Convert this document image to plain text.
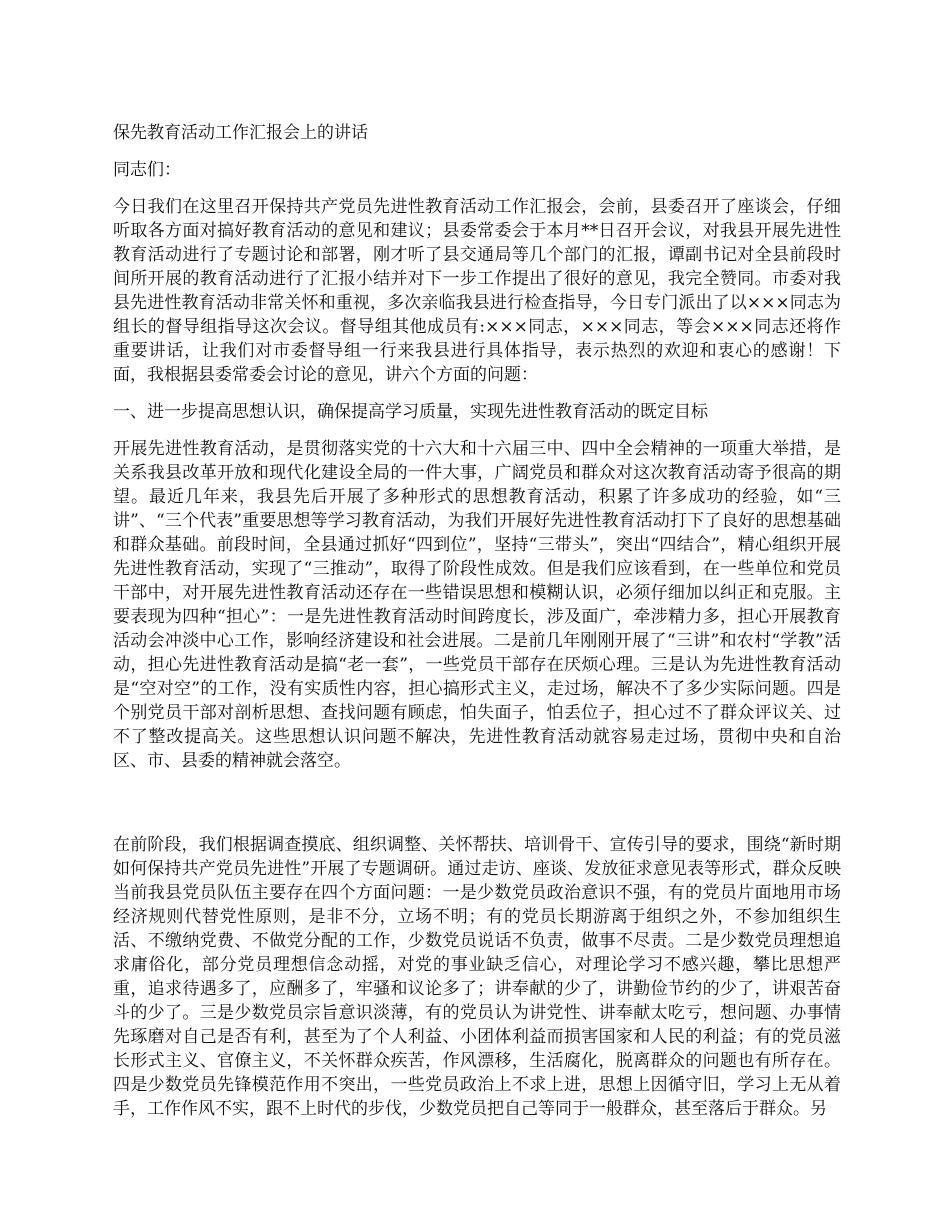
保先教育活动工作汇报会上的讲话

同志们：

今日我们在这里召开保持共产党员先进性教育活动工作汇报会，会前，县委召开了座谈会，仔细听取各方面对搞好教育活动的意见和建议；县委常委会于本月**日召开会议，对我县开展先进性教育活动进行了专题讨论和部署，刚才听了县交通局等几个部门的汇报，谭副书记对全县前段时间所开展的教育活动进行了汇报小结并对下一步工作提出了很好的意见，我完全赞同。市委对我县先进性教育活动非常关怀和重视，多次亲临我县进行检查指导，今日专门派出了以×××同志为组长的督导组指导这次会议。督导组其他成员有:×××同志，×××同志，等会×××同志还将作重要讲话，让我们对市委督导组一行来我县进行具体指导，表示热烈的欢迎和衷心的感谢！下面，我根据县委常委会讨论的意见，讲六个方面的问题：

一、进一步提高思想认识，确保提高学习质量，实现先进性教育活动的既定目标

开展先进性教育活动，是贯彻落实党的十六大和十六届三中、四中全会精神的一项重大举措，是关系我县改革开放和现代化建设全局的一件大事，广阔党员和群众对这次教育活动寄予很高的期望。最近几年来，我县先后开展了多种形式的思想教育活动，积累了许多成功的经验，如“三讲”、“三个代表”重要思想等学习教育活动，为我们开展好先进性教育活动打下了良好的思想基础和群众基础。前段时间，全县通过抓好“四到位”，坚持“三带头”，突出“四结合”，精心组织开展先进性教育活动，实现了“三推动”，取得了阶段性成效。但是我们应该看到，在一些单位和党员干部中，对开展先进性教育活动还存在一些错误思想和模糊认识，必须仔细加以纠正和克服。主要表现为四种“担心”：一是先进性教育活动时间跨度长，涉及面广，牵涉精力多，担心开展教育活动会冲淡中心工作，影响经济建设和社会进展。二是前几年刚刚开展了“三讲”和农村“学教”活动，担心先进性教育活动是搞“老一套”，一些党员干部存在厌烦心理。三是认为先进性教育活动是“空对空”的工作，没有实质性内容，担心搞形式主义，走过场，解决不了多少实际问题。四是个别党员干部对剖析思想、查找问题有顾虑，怕失面子，怕丢位子，担心过不了群众评议关、过不了整改提高关。这些思想认识问题不解决，先进性教育活动就容易走过场，贯彻中央和自治区、市、县委的精神就会落空。

在前阶段，我们根据调查摸底、组织调整、关怀帮扶、培训骨干、宣传引导的要求，围绕“新时期如何保持共产党员先进性”开展了专题调研。通过走访、座谈、发放征求意见表等形式，群众反映当前我县党员队伍主要存在四个方面问题：一是少数党员政治意识不强，有的党员片面地用市场经济规则代替党性原则，是非不分，立场不明；有的党员长期游离于组织之外，不参加组织生活、不缴纳党费、不做党分配的工作，少数党员说话不负责，做事不尽责。二是少数党员理想追求庸俗化，部分党员理想信念动摇，对党的事业缺乏信心，对理论学习不感兴趣，攀比思想严重，追求待遇多了，应酬多了，牢骚和议论多了；讲奉献的少了，讲勤俭节约的少了，讲艰苦奋斗的少了。三是少数党员宗旨意识淡薄，有的党员认为讲党性、讲奉献太吃亏，想问题、办事情先琢磨对自己是否有利，甚至为了个人利益、小团体利益而损害国家和人民的利益；有的党员滋长形式主义、官僚主义，不关怀群众疾苦，作风漂移，生活腐化，脱离群众的问题也有所存在。四是少数党员先锋模范作用不突出，一些党员政治上不求上进，思想上因循守旧，学习上无从着手，工作作风不实，跟不上时代的步伐，少数党员把自己等同于一般群众，甚至落后于群众。另
